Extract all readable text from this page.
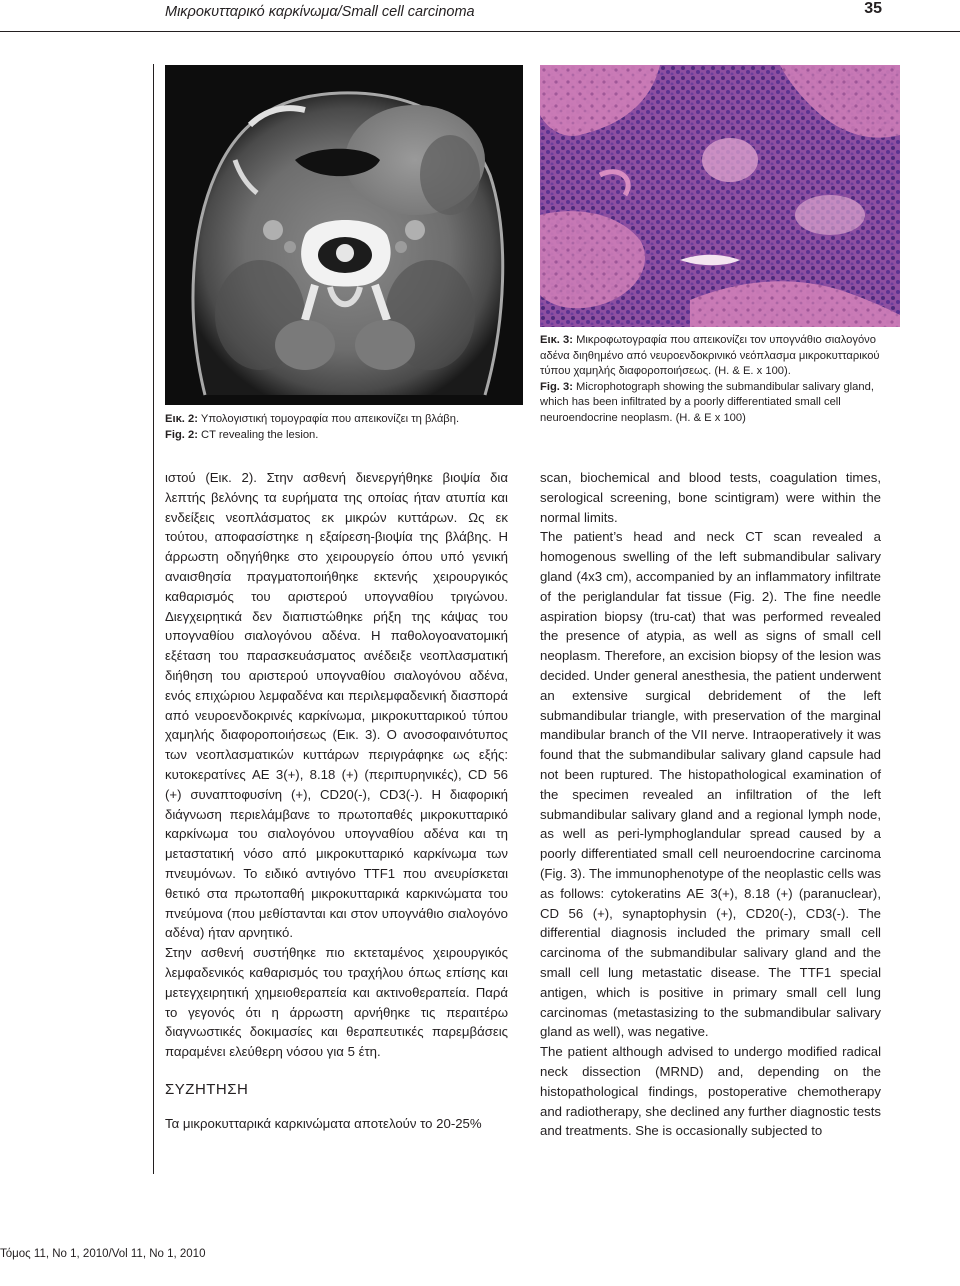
Μικροκυτταρικό καρκίνωμα/Small cell carcinoma	35
Εικ. 2: Υπολογιστική τομογραφία που απεικονίζει τη βλάβη.
Fig. 2: CT revealing the lesion.
Εικ. 3: Μικροφωτογραφία που απεικονίζει τον υπογνάθιο σιαλογόνο αδένα διηθημένο από νευροενδοκρινικό νεόπλασμα μικροκυτταρικού τύπου χαμηλής διαφοροποιήσεως. (H. & E. x 100).
Fig. 3: Microphotograph showing the submandibular salivary gland, which has been infiltrated by a poorly differentiated small cell neuroendocrine neoplasm. (H. & E x 100)

ιστού (Εικ. 2). Στην ασθενή διενεργήθηκε βιοψία δια λεπτής βελόνης τα ευρήματα της οποίας ήταν ατυπία και ενδείξεις νεοπλάσματος εκ μικρών κυττάρων. Ως εκ τούτου, αποφασίστηκε η εξαίρεση-βιοψία της βλάβης. Η άρρωστη οδηγήθηκε στο χειρουργείο όπου υπό γενική αναισθησία πραγματοποιήθηκε εκτενής χειρουργικός καθαρισμός του αριστερού υπογναθίου τριγώνου. Διεγχειρητικά δεν διαπιστώθηκε ρήξη της κάψας του υπογναθίου σιαλογόνου αδένα. Η παθολογοανατομική εξέταση του παρασκευάσματος ανέδειξε νεοπλασματική διήθηση του αριστερού υπογναθίου σιαλογόνου αδένα, ενός επιχώριου λεμφαδένα και περιλεμφαδενική διασπορά από νευροενδοκρινές καρκίνωμα, μικροκυτταρικού τύπου χαμηλής διαφοροποιήσεως (Εικ. 3). Ο ανοσοφαινότυπος των νεοπλασματικών κυττάρων περιγράφηκε ως εξής: κυτοκερατίνες AE 3(+), 8.18 (+) (περιπυρηνικές), CD 56 (+) συναπτοφυσίνη (+), CD20(-), CD3(-). Η διαφορική διάγνωση περιελάμβανε το πρωτοπαθές μικροκυτταρικό καρκίνωμα του σιαλογόνου υπογναθίου αδένα και τη μεταστατική νόσο από μικροκυτταρικό καρκίνωμα των πνευμόνων. Το ειδικό αντιγόνο TTF1 που ανευρίσκεται θετικό στα πρωτοπαθή μικροκυτταρικά καρκινώματα του πνεύμονα (που μεθίστανται και στον υπογνάθιο σιαλογόνο αδένα) ήταν αρνητικό.

Στην ασθενή συστήθηκε πιο εκτεταμένος χειρουργικός λεμφαδενικός καθαρισμός του τραχήλου όπως επίσης και μετεγχειρητική χημειοθεραπεία και ακτινοθεραπεία. Παρά το γεγονός ότι η άρρωστη αρνήθηκε τις περαιτέρω διαγνωστικές δοκιμασίες και θεραπευτικές παρεμβάσεις παραμένει ελεύθερη νόσου για 5 έτη.

ΣΥΖΗΤΗΣΗ

Τα μικροκυτταρικά καρκινώματα αποτελούν το 20-25%

scan, biochemical and blood tests, coagulation times, serological screening, bone scintigram) were within the normal limits.

The patient’s head and neck CT scan revealed a homogenous swelling of the left submandibular salivary gland (4x3 cm), accompanied by an inflammatory infiltrate of the periglandular fat tissue (Fig. 2). The fine needle aspiration biopsy (tru-cat) that was performed revealed the presence of atypia, as well as signs of small cell neoplasm. Therefore, an excision biopsy of the lesion was decided. Under general anesthesia, the patient underwent an extensive surgical debridement of the left submandibular triangle, with preservation of the marginal mandibular branch of the VII nerve. Intraoperatively it was found that the submandibular salivary gland capsule had not been ruptured. The histopathological examination of the specimen revealed an infiltration of the left submandibular salivary gland and a regional lymph node, as well as peri-lymphoglandular spread caused by a poorly differentiated small cell neuroendocrine carcinoma (Fig. 3). The immunophenotype of the neoplastic cells was as follows: cytokeratins AE 3(+), 8.18 (+) (paranuclear), CD 56 (+), synaptophysin (+), CD20(-), CD3(-). The differential diagnosis included the primary small cell carcinoma of the submandibular salivary gland and the small cell lung metastatic disease. The TTF1 special antigen, which is positive in primary small cell lung carcinomas (metastasizing to the submandibular salivary gland as well), was negative.

The patient although advised to undergo modified radical neck dissection (MRND) and, depending on the histopathological findings, postoperative chemotherapy and radiotherapy, she declined any further diagnostic tests and treatments. She is occasionally subjected to

Τόμος 11, No 1, 2010/Vol 11, No 1, 2010
